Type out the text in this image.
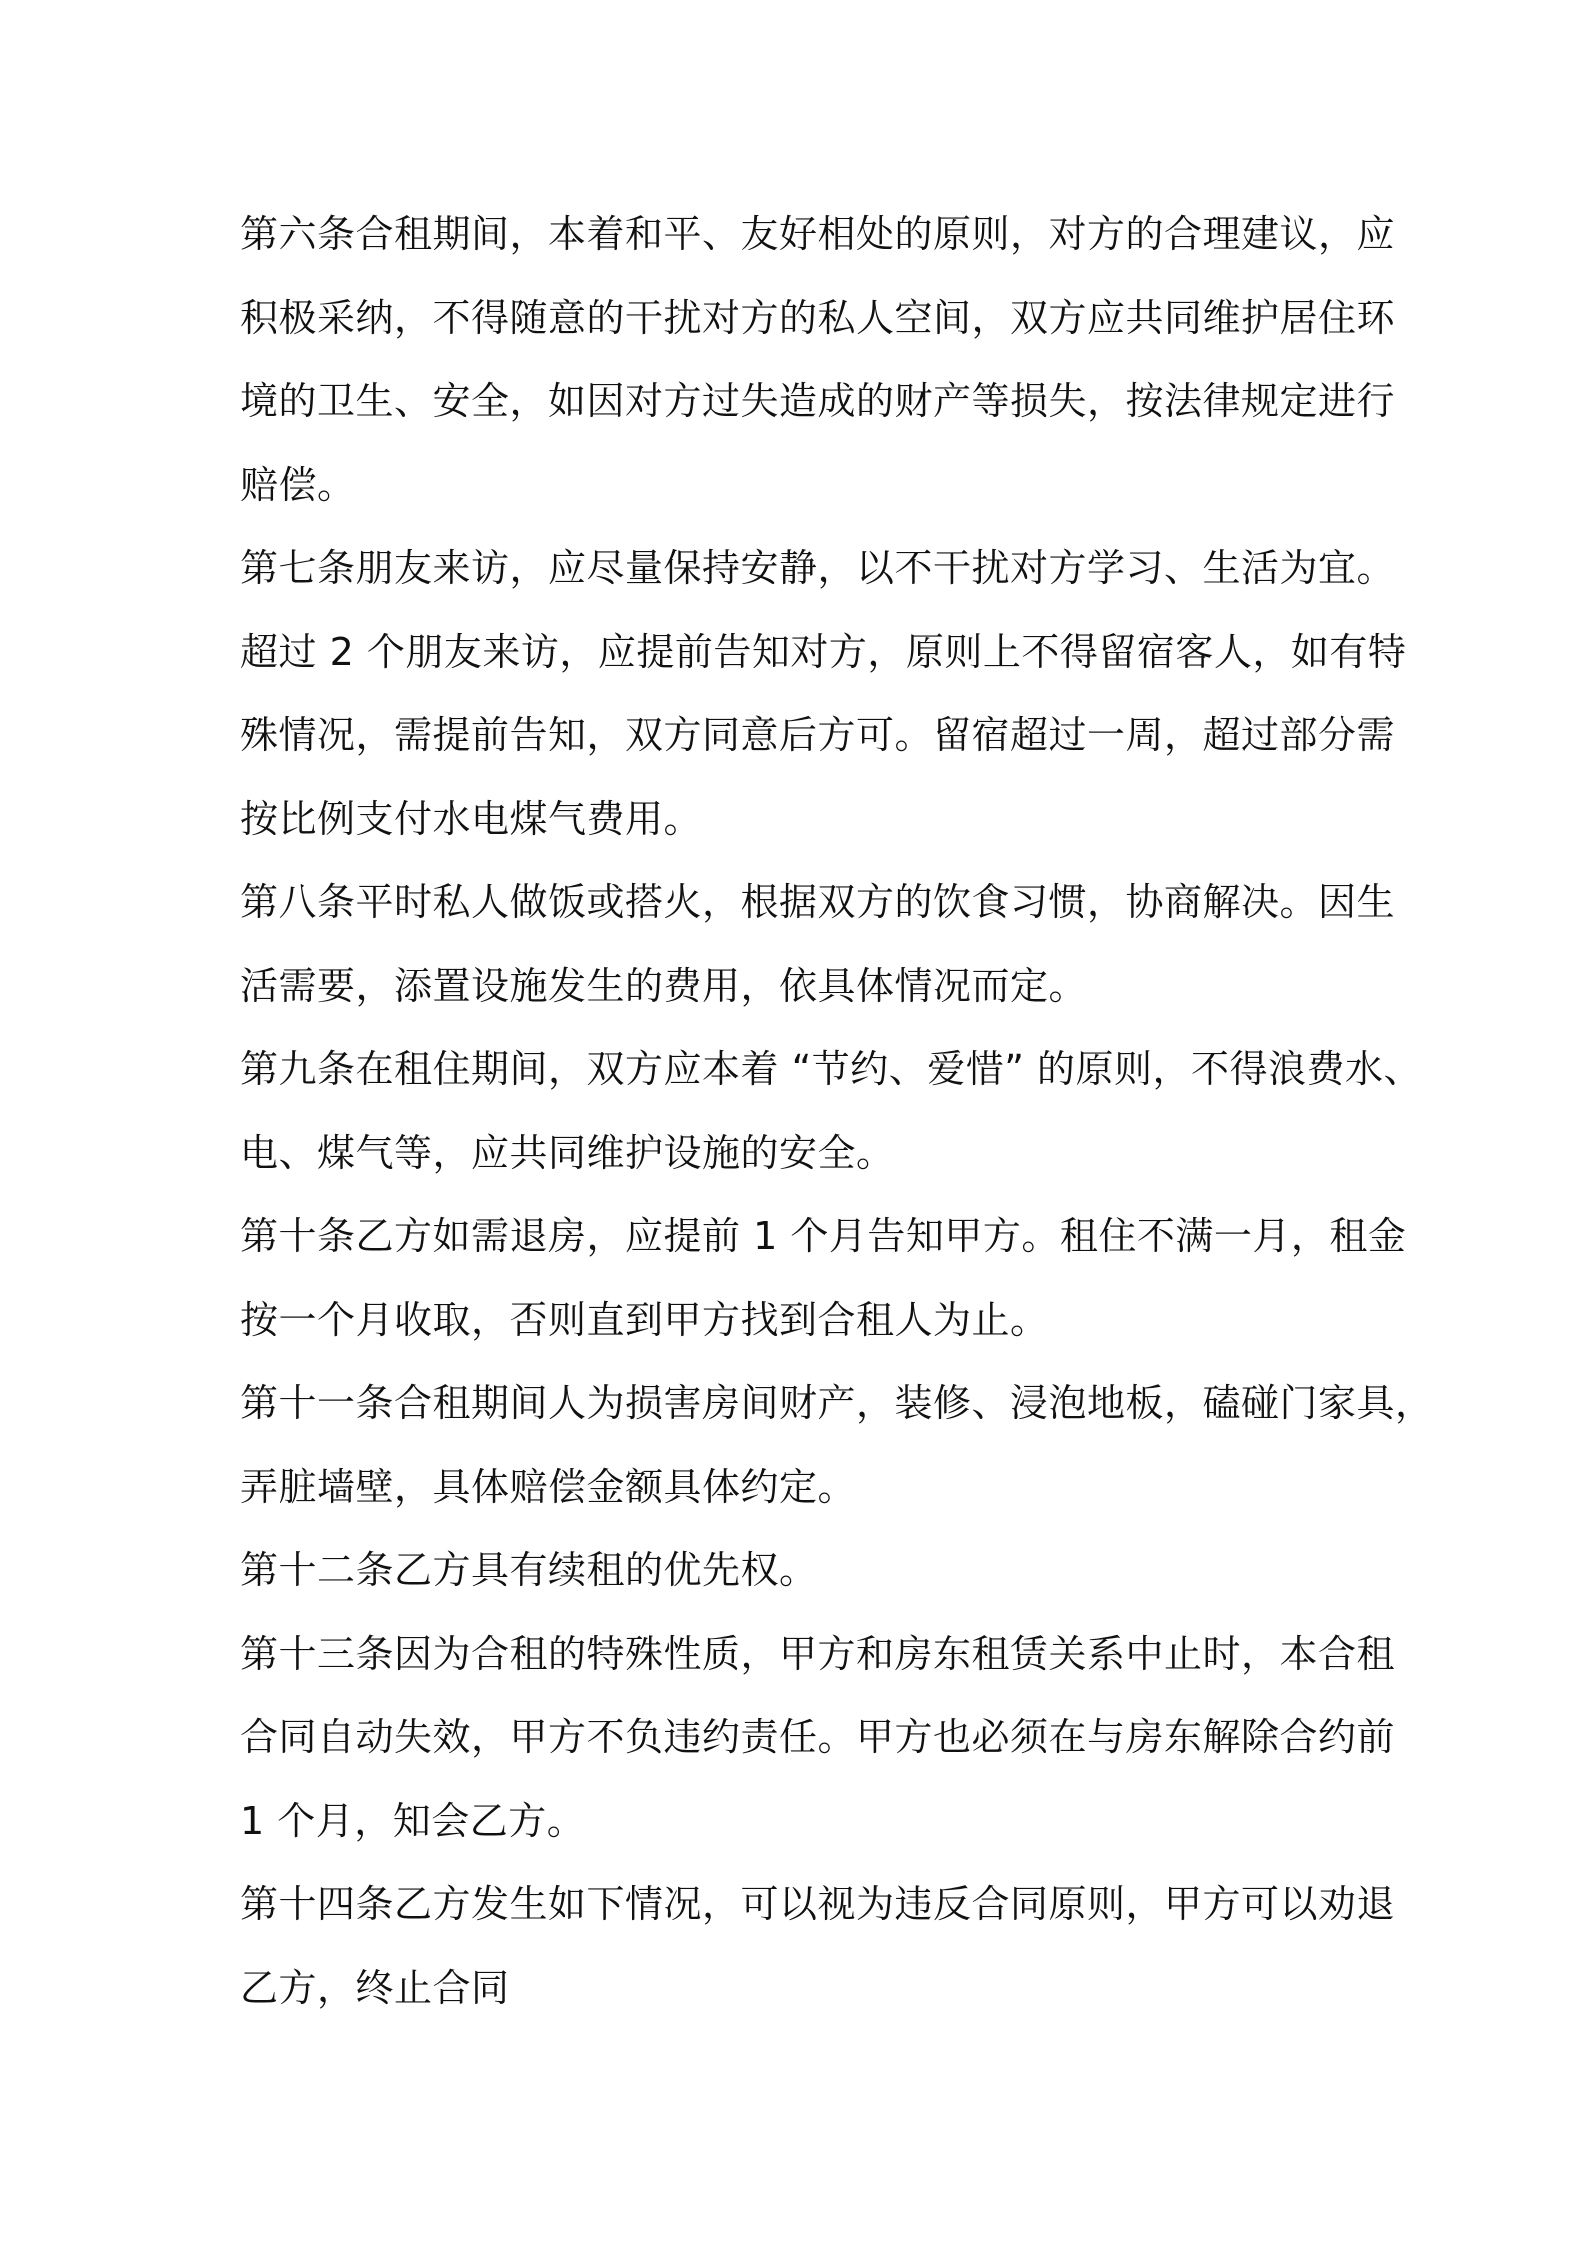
第六条合租期间，本着和平、友好相处的原则，对方的合理建议，应
积极采纳，不得随意的干扰对方的私人空间，双方应共同维护居住环
境的卫生、安全，如因对方过失造成的财产等损失，按法律规定进行
赔偿。
第七条朋友来访，应尽量保持安静，以不干扰对方学习、生活为宜。
超过 2 个朋友来访，应提前告知对方，原则上不得留宿客人，如有特
殊情况，需提前告知，双方同意后方可。留宿超过一周，超过部分需
按比例支付水电煤气费用。
第八条平时私人做饭或搭火，根据双方的饮食习惯，协商解决。因生
活需要，添置设施发生的费用，依具体情况而定。
第九条在租住期间，双方应本着 “节约、爱惜” 的原则，不得浪费水、
电、煤气等，应共同维护设施的安全。
第十条乙方如需退房，应提前 1 个月告知甲方。租住不满一月，租金
按一个月收取，否则直到甲方找到合租人为止。
第十一条合租期间人为损害房间财产，装修、浸泡地板，磕碰门家具，
弄脏墙壁，具体赔偿金额具体约定。
第十二条乙方具有续租的优先权。
第十三条因为合租的特殊性质，甲方和房东租赁关系中止时，本合租
合同自动失效，甲方不负违约责任。甲方也必须在与房东解除合约前
1 个月，知会乙方。
第十四条乙方发生如下情况，可以视为违反合同原则，甲方可以劝退
乙方，终止合同
